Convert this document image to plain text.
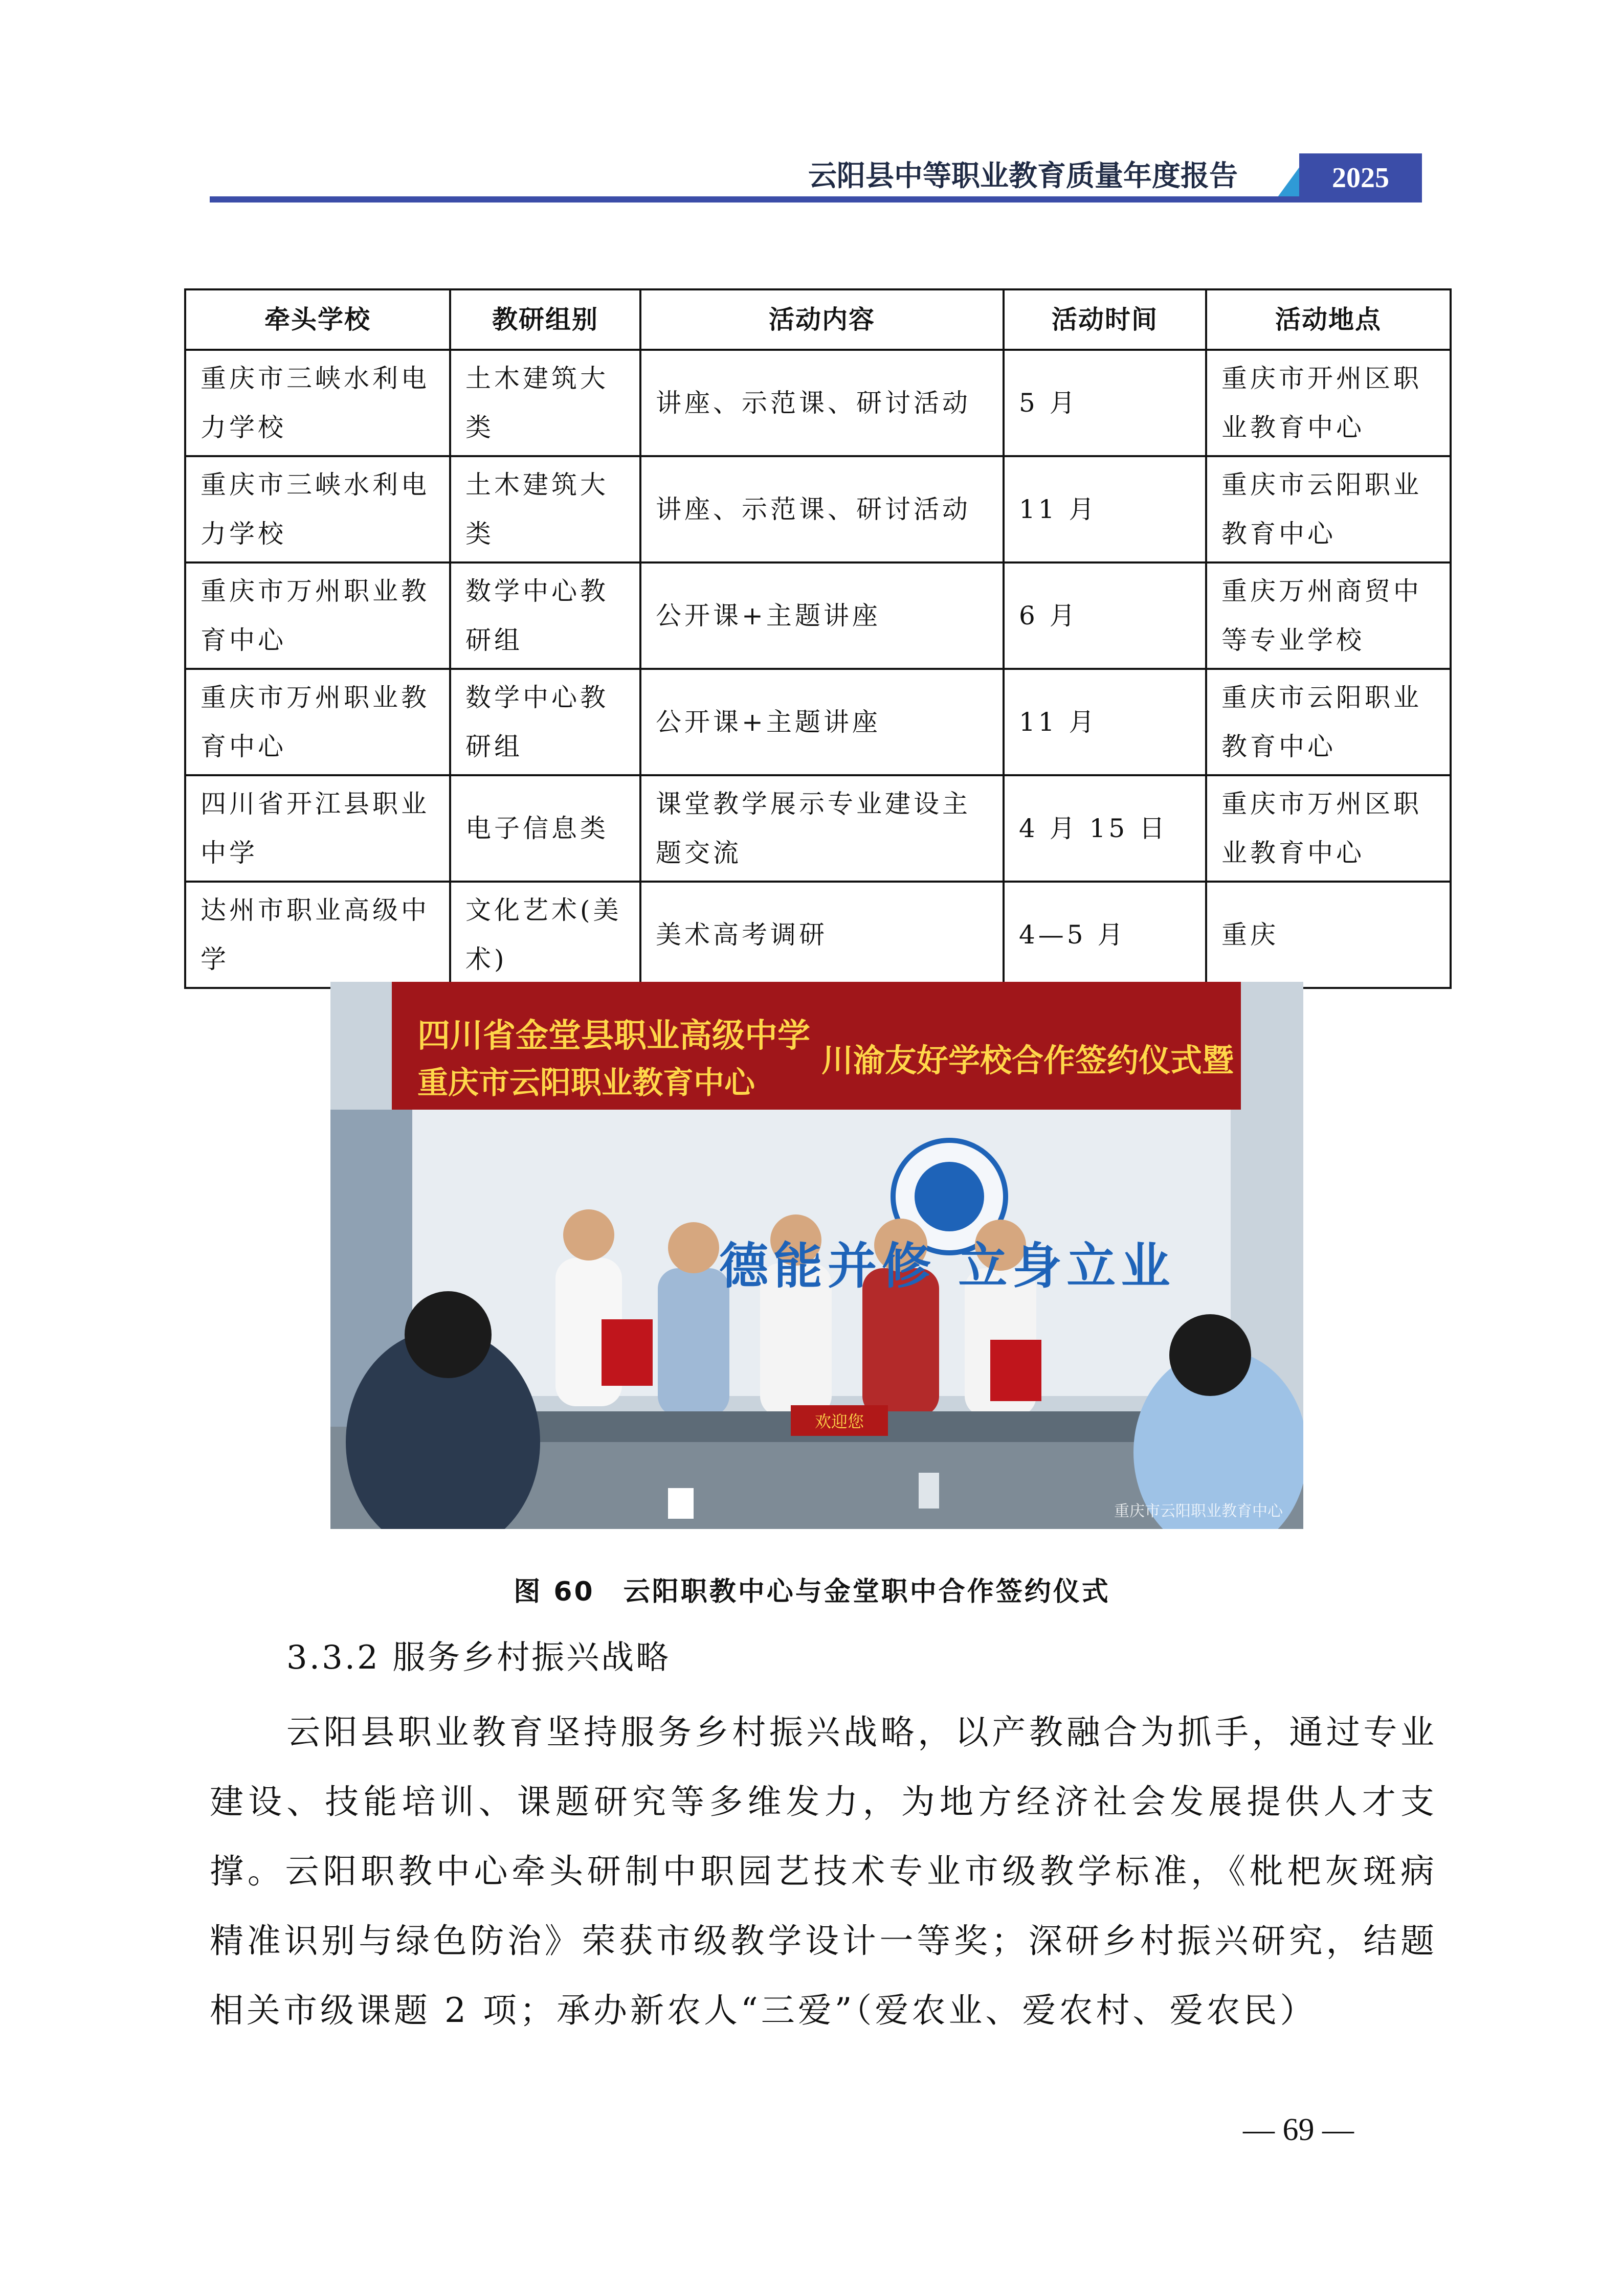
云阳县中等职业教育质量年度报告	2025
牵头学校	教研组别	活动内容	活动时间	活动地点
重庆市三峡水利电力学校	土木建筑大类	讲座、示范课、研讨活动	5 月	重庆市开州区职业教育中心
重庆市三峡水利电力学校	土木建筑大类	讲座、示范课、研讨活动	11 月	重庆市云阳职业教育中心
重庆市万州职业教育中心	数学中心教研组	公开课+主题讲座	6 月	重庆万州商贸中等专业学校
重庆市万州职业教育中心	数学中心教研组	公开课+主题讲座	11 月	重庆市云阳职业教育中心
四川省开江县职业中学	电子信息类	课堂教学展示专业建设主题交流	4 月 15 日	重庆市万州区职业教育中心
达州市职业高级中学	文化艺术(美术)	美术高考调研	4—5 月	重庆
四川省金堂县职业高级中学
重庆市云阳职业教育中心
川渝友好学校合作签约仪式暨
德能并修 立身立业
欢迎您
重庆市云阳职业教育中心
图 60　云阳职教中心与金堂职中合作签约仪式
3.3.2 服务乡村振兴战略
云阳县职业教育坚持服务乡村振兴战略，以产教融合为抓手，通过专业建设、技能培训、课题研究等多维发力，为地方经济社会发展提供人才支撑。云阳职教中心牵头研制中职园艺技术专业市级教学标准，《枇杷灰斑病精准识别与绿色防治》荣获市级教学设计一等奖；深研乡村振兴研究，结题相关市级课题 2 项；承办新农人“三爱”（爱农业、爱农村、爱农民）
— 69 —
